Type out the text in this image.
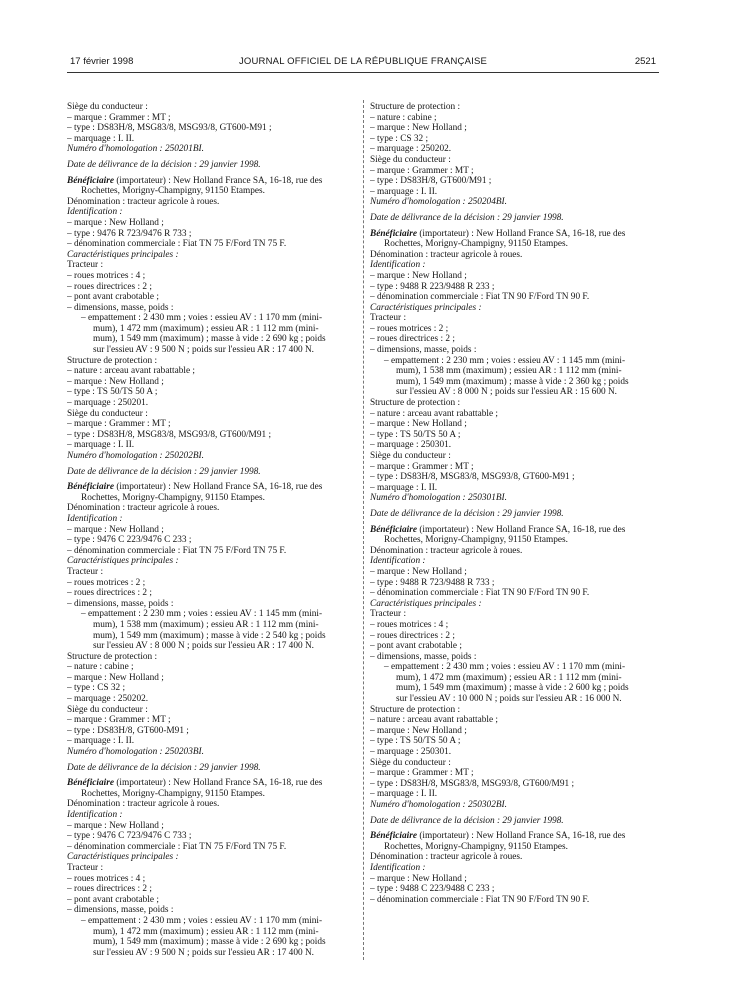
17 février 1998	JOURNAL OFFICIEL DE LA RÉPUBLIQUE FRANÇAISE	2521
Siège du conducteur :
– marque : Grammer : MT ;
– type : DS83H/8, MSG83/8, MSG93/8, GT600-M91 ;
– marquage : I. II.
Numéro d'homologation : 250201BI.
Date de délivrance de la décision : 29 janvier 1998.
Bénéficiaire (importateur) : New Holland France SA, 16-18, rue des
Rochettes, Morigny-Champigny, 91150 Etampes.
Dénomination : tracteur agricole à roues.
Identification :
– marque : New Holland ;
– type : 9476 R 723/9476 R 733 ;
– dénomination commerciale : Fiat TN 75 F/Ford TN 75 F.
Caractéristiques principales :
Tracteur :
– roues motrices : 4 ;
– roues directrices : 2 ;
– pont avant crabotable ;
– dimensions, masse, poids :
– empattement : 2 430 mm ; voies : essieu AV : 1 170 mm (mini-
mum), 1 472 mm (maximum) ; essieu AR : 1 112 mm (mini-
mum), 1 549 mm (maximum) ; masse à vide : 2 690 kg ; poids
sur l'essieu AV : 9 500 N ; poids sur l'essieu AR : 17 400 N.
Structure de protection :
– nature : arceau avant rabattable ;
– marque : New Holland ;
– type : TS 50/TS 50 A ;
– marquage : 250201.
Siège du conducteur :
– marque : Grammer : MT ;
– type : DS83H/8, MSG83/8, MSG93/8, GT600/M91 ;
– marquage : I. II.
Numéro d'homologation : 250202BI.
Date de délivrance de la décision : 29 janvier 1998.
Bénéficiaire (importateur) : New Holland France SA, 16-18, rue des
Rochettes, Morigny-Champigny, 91150 Etampes.
Dénomination : tracteur agricole à roues.
Identification :
– marque : New Holland ;
– type : 9476 C 223/9476 C 233 ;
– dénomination commerciale : Fiat TN 75 F/Ford TN 75 F.
Caractéristiques principales :
Tracteur :
– roues motrices : 2 ;
– roues directrices : 2 ;
– dimensions, masse, poids :
– empattement : 2 230 mm ; voies : essieu AV : 1 145 mm (mini-
mum), 1 538 mm (maximum) ; essieu AR : 1 112 mm (mini-
mum), 1 549 mm (maximum) ; masse à vide : 2 540 kg ; poids
sur l'essieu AV : 8 000 N ; poids sur l'essieu AR : 17 400 N.
Structure de protection :
– nature : cabine ;
– marque : New Holland ;
– type : CS 32 ;
– marquage : 250202.
Siège du conducteur :
– marque : Grammer : MT ;
– type : DS83H/8, GT600-M91 ;
– marquage : I. II.
Numéro d'homologation : 250203BI.
Date de délivrance de la décision : 29 janvier 1998.
Bénéficiaire (importateur) : New Holland France SA, 16-18, rue des
Rochettes, Morigny-Champigny, 91150 Etampes.
Dénomination : tracteur agricole à roues.
Identification :
– marque : New Holland ;
– type : 9476 C 723/9476 C 733 ;
– dénomination commerciale : Fiat TN 75 F/Ford TN 75 F.
Caractéristiques principales :
Tracteur :
– roues motrices : 4 ;
– roues directrices : 2 ;
– pont avant crabotable ;
– dimensions, masse, poids :
– empattement : 2 430 mm ; voies : essieu AV : 1 170 mm (mini-
mum), 1 472 mm (maximum) ; essieu AR : 1 112 mm (mini-
mum), 1 549 mm (maximum) ; masse à vide : 2 690 kg ; poids
sur l'essieu AV : 9 500 N ; poids sur l'essieu AR : 17 400 N.
Structure de protection :
– nature : cabine ;
– marque : New Holland ;
– type : CS 32 ;
– marquage : 250202.
Siège du conducteur :
– marque : Grammer : MT ;
– type : DS83H/8, GT600/M91 ;
– marquage : I. II.
Numéro d'homologation : 250204BI.
Date de délivrance de la décision : 29 janvier 1998.
Bénéficiaire (importateur) : New Holland France SA, 16-18, rue des
Rochettes, Morigny-Champigny, 91150 Etampes.
Dénomination : tracteur agricole à roues.
Identification :
– marque : New Holland ;
– type : 9488 R 223/9488 R 233 ;
– dénomination commerciale : Fiat TN 90 F/Ford TN 90 F.
Caractéristiques principales :
Tracteur :
– roues motrices : 2 ;
– roues directrices : 2 ;
– dimensions, masse, poids :
– empattement : 2 230 mm ; voies : essieu AV : 1 145 mm (mini-
mum), 1 538 mm (maximum) ; essieu AR : 1 112 mm (mini-
mum), 1 549 mm (maximum) ; masse à vide : 2 360 kg ; poids
sur l'essieu AV : 8 000 N ; poids sur l'essieu AR : 15 600 N.
Structure de protection :
– nature : arceau avant rabattable ;
– marque : New Holland ;
– type : TS 50/TS 50 A ;
– marquage : 250301.
Siège du conducteur :
– marque : Grammer : MT ;
– type : DS83H/8, MSG83/8, MSG93/8, GT600-M91 ;
– marquage : I. II.
Numéro d'homologation : 250301BI.
Date de délivrance de la décision : 29 janvier 1998.
Bénéficiaire (importateur) : New Holland France SA, 16-18, rue des
Rochettes, Morigny-Champigny, 91150 Etampes.
Dénomination : tracteur agricole à roues.
Identification :
– marque : New Holland ;
– type : 9488 R 723/9488 R 733 ;
– dénomination commerciale : Fiat TN 90 F/Ford TN 90 F.
Caractéristiques principales :
Tracteur :
– roues motrices : 4 ;
– roues directrices : 2 ;
– pont avant crabotable ;
– dimensions, masse, poids :
– empattement : 2 430 mm ; voies : essieu AV : 1 170 mm (mini-
mum), 1 472 mm (maximum) ; essieu AR : 1 112 mm (mini-
mum), 1 549 mm (maximum) ; masse à vide : 2 600 kg ; poids
sur l'essieu AV : 10 000 N ; poids sur l'essieu AR : 16 000 N.
Structure de protection :
– nature : arceau avant rabattable ;
– marque : New Holland ;
– type : TS 50/TS 50 A ;
– marquage : 250301.
Siège du conducteur :
– marque : Grammer : MT ;
– type : DS83H/8, MSG83/8, MSG93/8, GT600/M91 ;
– marquage : I. II.
Numéro d'homologation : 250302BI.
Date de délivrance de la décision : 29 janvier 1998.
Bénéficiaire (importateur) : New Holland France SA, 16-18, rue des
Rochettes, Morigny-Champigny, 91150 Etampes.
Dénomination : tracteur agricole à roues.
Identification :
– marque : New Holland ;
– type : 9488 C 223/9488 C 233 ;
– dénomination commerciale : Fiat TN 90 F/Ford TN 90 F.
